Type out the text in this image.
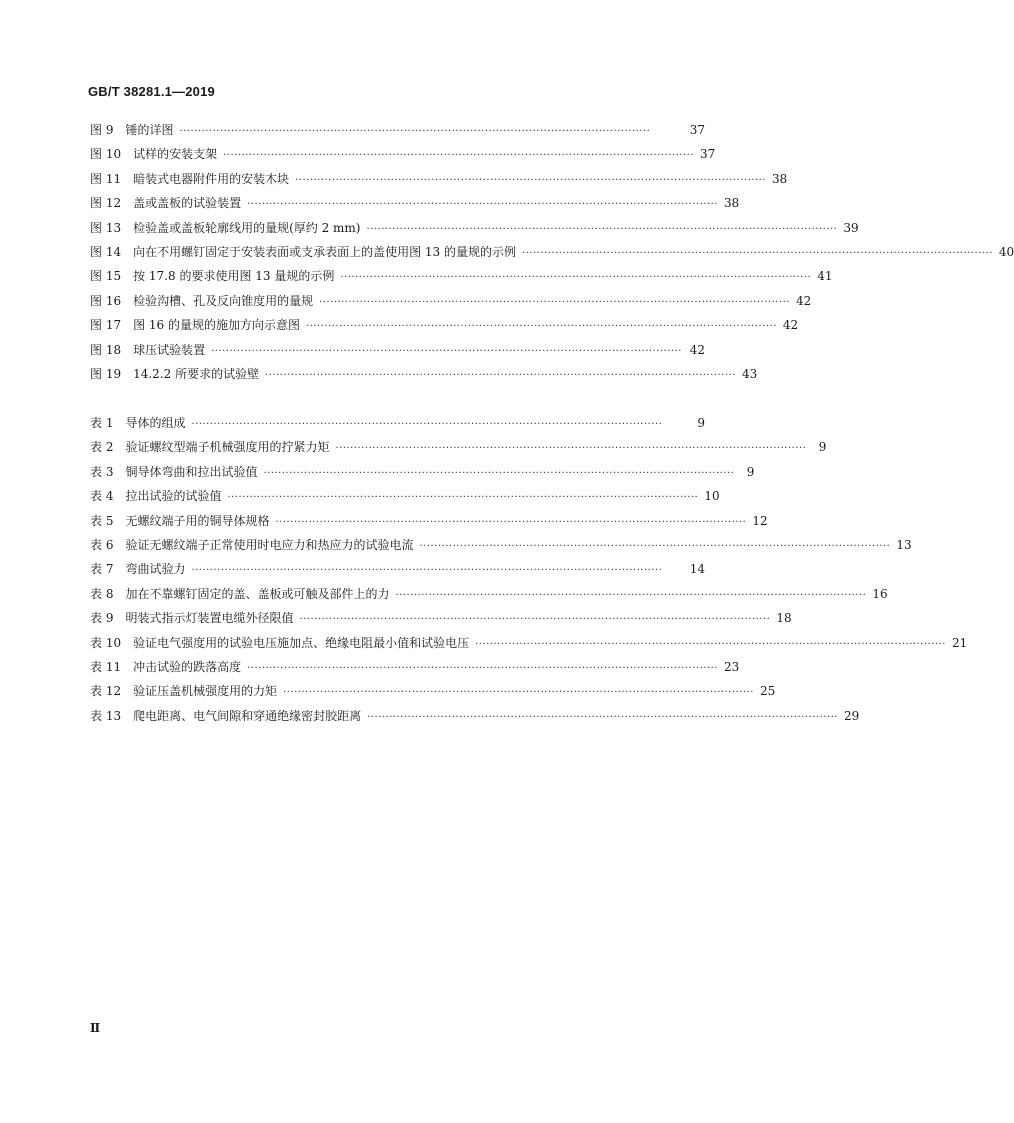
GB/T 38281.1—2019
图 9 锤的详图 ·····	37
图 10 试样的安装支架 ·····	37
图 11 暗装式电器附件用的安装木块 ·····	38
图 12 盖或盖板的试验装置 ·····	38
图 13 检验盖或盖板轮廓线用的量规(厚约 2 mm) ·····	39
图 14 向在不用螺钉固定于安装表面或支承表面上的盖使用图 13 的量规的示例 ·····	40
图 15 按 17.8 的要求使用图 13 量规的示例 ·····	41
图 16 检验沟槽、孔及反向锥度用的量规 ·····	42
图 17 图 16 的量规的施加方向示意图 ·····	42
图 18 球压试验装置 ·····	42
图 19 14.2.2 所要求的试验壁 ·····	43
表 1 导体的组成 ·····	9
表 2 验证螺纹型端子机械强度用的拧紧力矩 ·····	9
表 3 铜导体弯曲和拉出试验值 ·····	9
表 4 拉出试验的试验值 ·····	10
表 5 无螺纹端子用的铜导体规格 ·····	12
表 6 验证无螺纹端子正常使用时电应力和热应力的试验电流 ·····	13
表 7 弯曲试验力 ·····	14
表 8 加在不靠螺钉固定的盖、盖板或可触及部件上的力 ·····	16
表 9 明装式指示灯装置电缆外径限值 ·····	18
表 10 验证电气强度用的试验电压施加点、绝缘电阻最小值和试验电压 ·····	21
表 11 冲击试验的跌落高度 ·····	23
表 12 验证压盖机械强度用的力矩 ·····	25
表 13 爬电距离、电气间隙和穿通绝缘密封胶距离 ·····	29
Ⅱ
